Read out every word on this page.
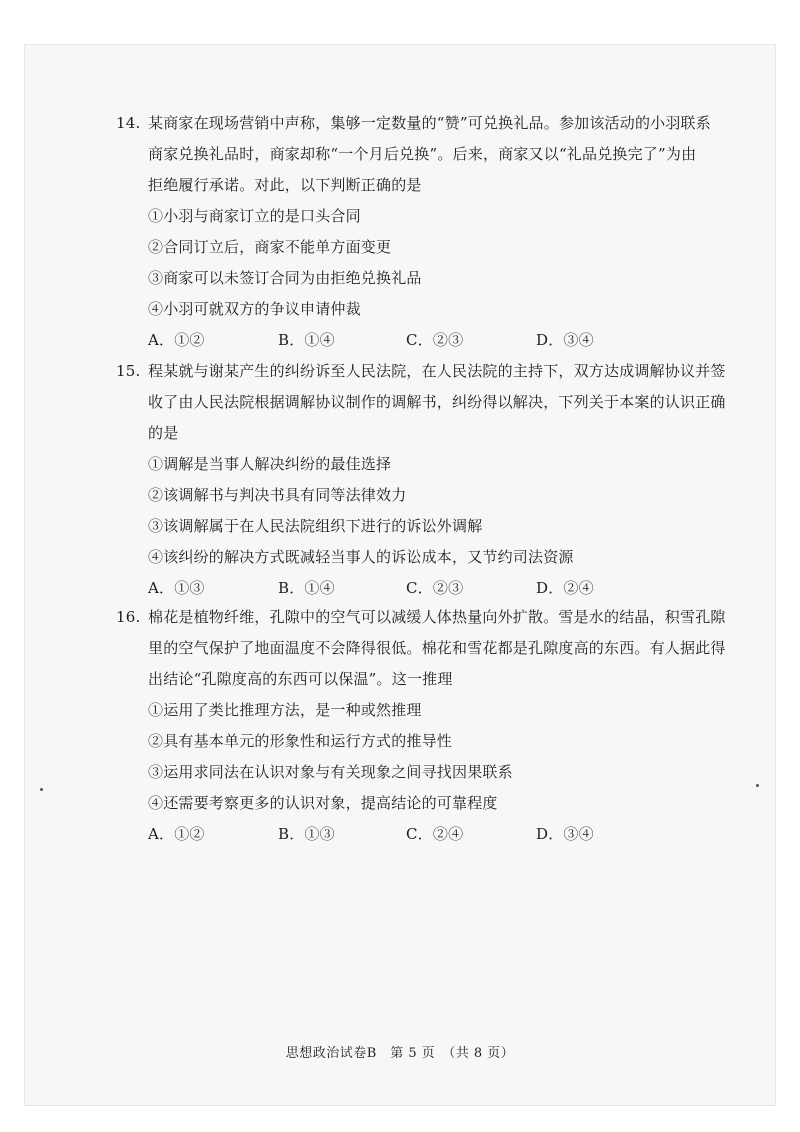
14. 某商家在现场营销中声称，集够一定数量的“赞”可兑换礼品。参加该活动的小羽联系
商家兑换礼品时，商家却称“一个月后兑换”。后来，商家又以“礼品兑换完了”为由
拒绝履行承诺。对此，以下判断正确的是
①小羽与商家订立的是口头合同
②合同订立后，商家不能单方面变更
③商家可以未签订合同为由拒绝兑换礼品
④小羽可就双方的争议申请仲裁
A．①②	B．①④	C．②③	D．③④
15. 程某就与谢某产生的纠纷诉至人民法院，在人民法院的主持下，双方达成调解协议并签
收了由人民法院根据调解协议制作的调解书，纠纷得以解决，下列关于本案的认识正确
的是
①调解是当事人解决纠纷的最佳选择
②该调解书与判决书具有同等法律效力
③该调解属于在人民法院组织下进行的诉讼外调解
④该纠纷的解决方式既减轻当事人的诉讼成本，又节约司法资源
A．①③	B．①④	C．②③	D．②④
16. 棉花是植物纤维，孔隙中的空气可以减缓人体热量向外扩散。雪是水的结晶，积雪孔隙
里的空气保护了地面温度不会降得很低。棉花和雪花都是孔隙度高的东西。有人据此得
出结论“孔隙度高的东西可以保温”。这一推理
①运用了类比推理方法，是一种或然推理
②具有基本单元的形象性和运行方式的推导性
③运用求同法在认识对象与有关现象之间寻找因果联系
④还需要考察更多的认识对象，提高结论的可靠程度
A．①②	B．①③	C．②④	D．③④
思想政治试卷B　第 5 页　（共 8 页）
